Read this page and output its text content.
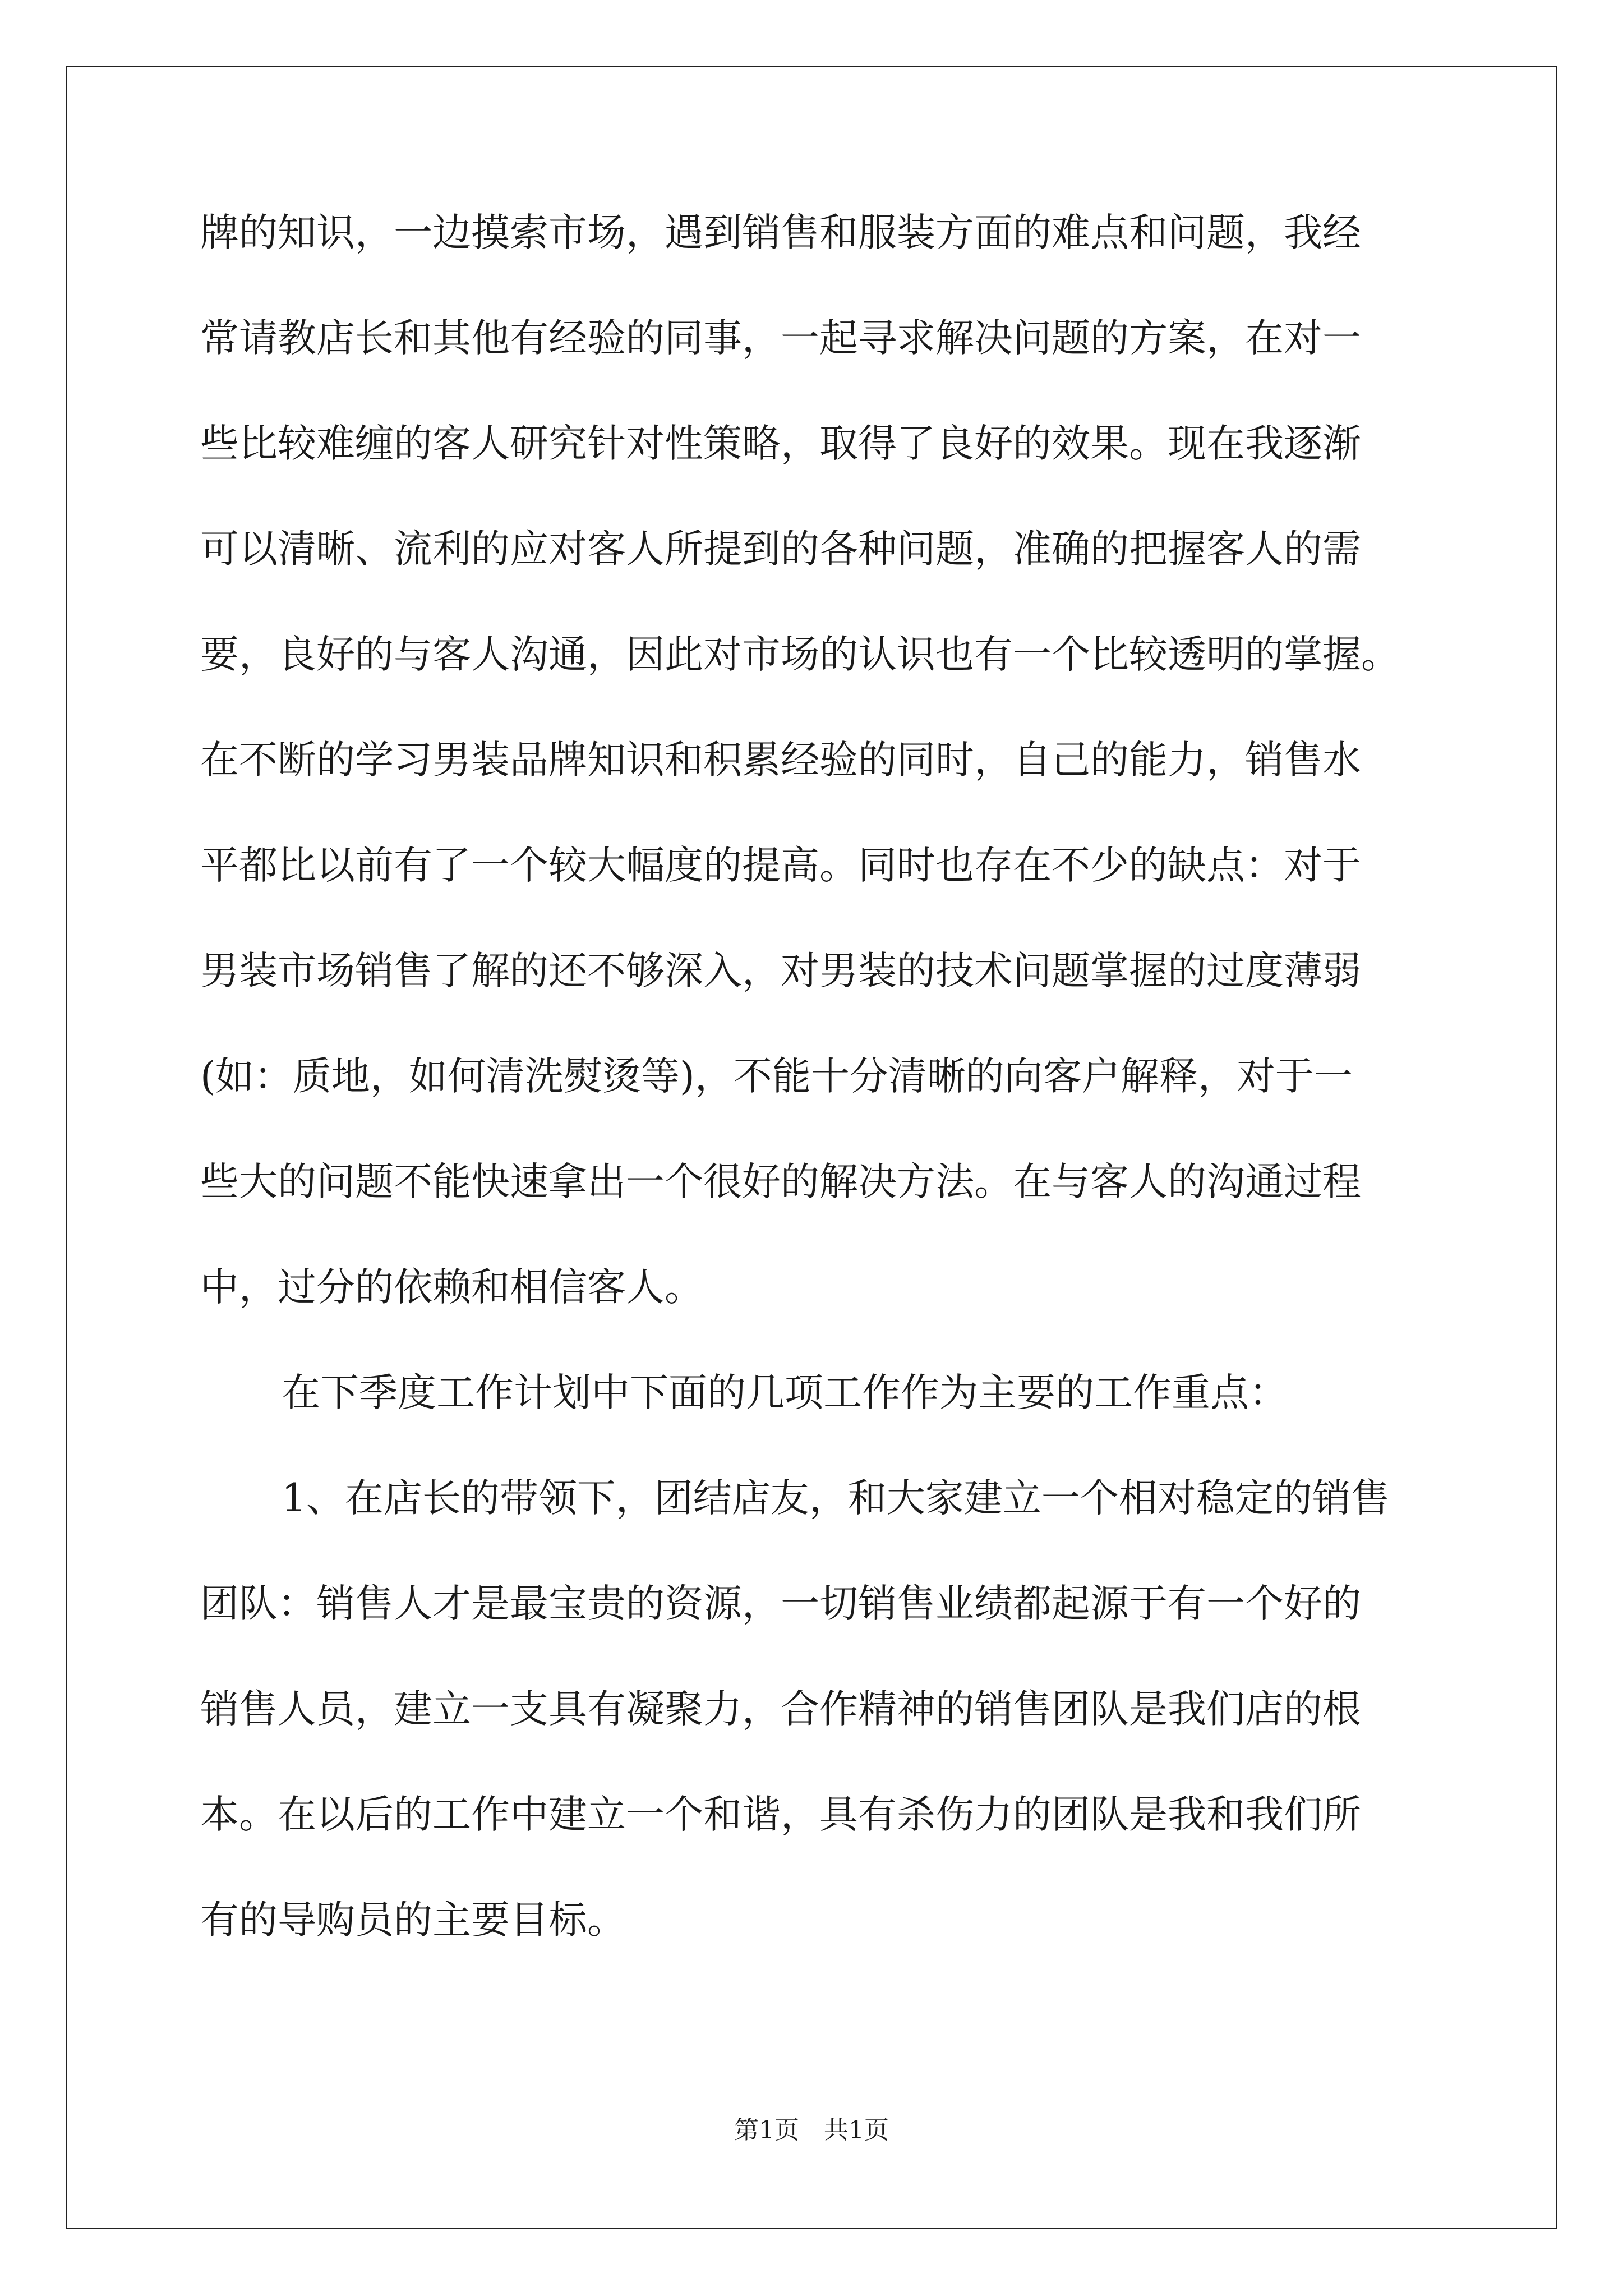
牌的知识，一边摸索市场，遇到销售和服装方面的难点和问题，我经
常请教店长和其他有经验的同事，一起寻求解决问题的方案，在对一
些比较难缠的客人研究针对性策略，取得了良好的效果。现在我逐渐
可以清晰、流利的应对客人所提到的各种问题，准确的把握客人的需
要，良好的与客人沟通，因此对市场的认识也有一个比较透明的掌握。
在不断的学习男装品牌知识和积累经验的同时，自己的能力，销售水
平都比以前有了一个较大幅度的提高。同时也存在不少的缺点：对于
男装市场销售了解的还不够深入，对男装的技术问题掌握的过度薄弱
(如：质地，如何清洗熨烫等)，不能十分清晰的向客户解释，对于一
些大的问题不能快速拿出一个很好的解决方法。在与客人的沟通过程
中，过分的依赖和相信客人。
在下季度工作计划中下面的几项工作作为主要的工作重点：
1、在店长的带领下，团结店友，和大家建立一个相对稳定的销售
团队：销售人才是最宝贵的资源，一切销售业绩都起源于有一个好的
销售人员，建立一支具有凝聚力，合作精神的销售团队是我们店的根
本。在以后的工作中建立一个和谐，具有杀伤力的团队是我和我们所
有的导购员的主要目标。
第1页　共1页
